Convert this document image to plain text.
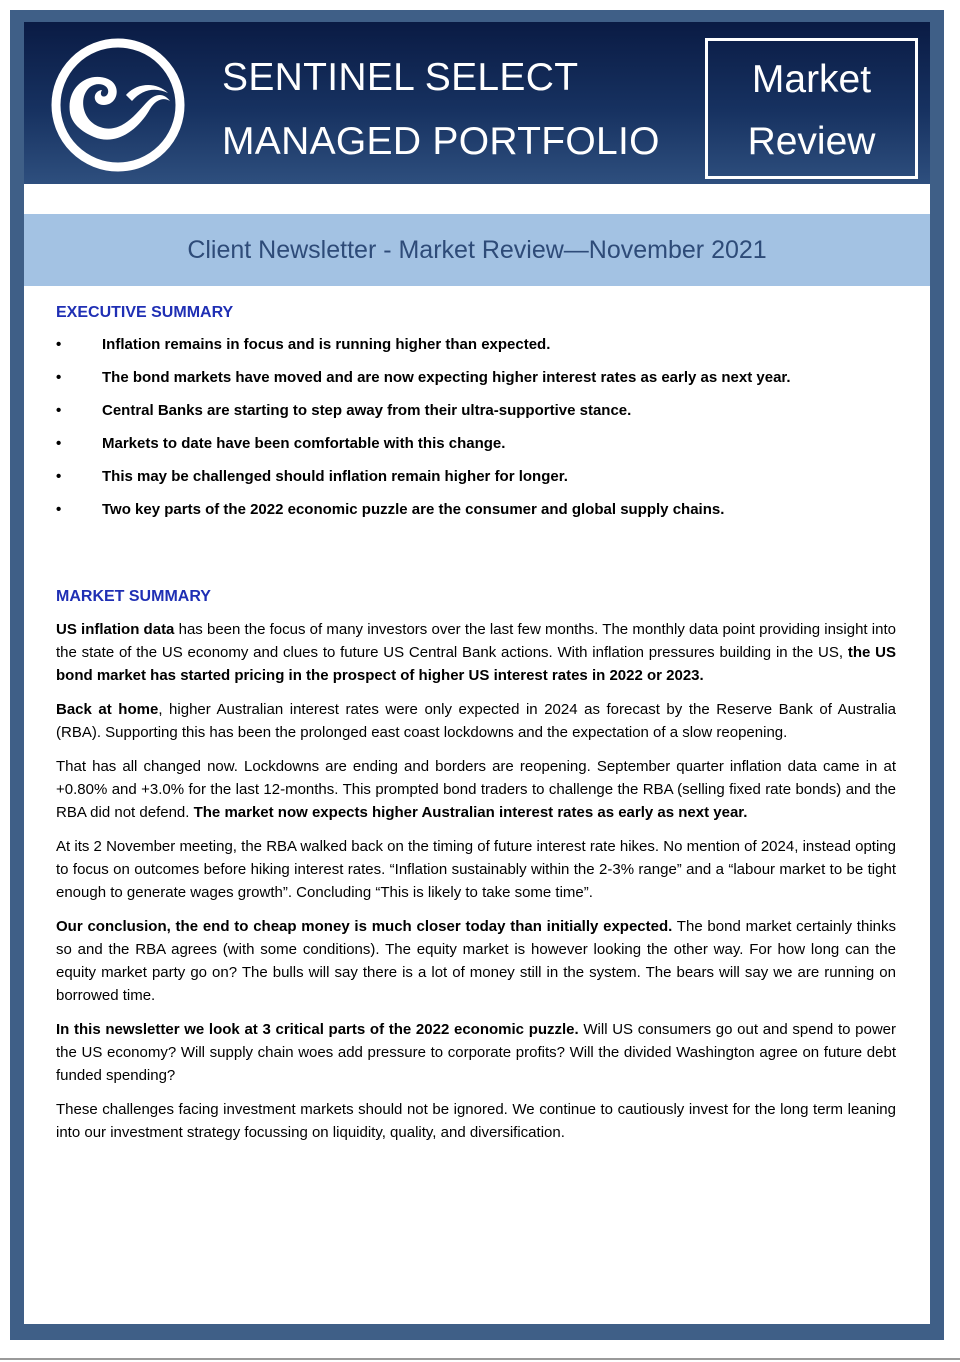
SENTINEL SELECT
MANAGED PORTFOLIO
Market
Review
Client Newsletter - Market Review—November 2021
EXECUTIVE SUMMARY
•	Inflation remains in focus and is running higher than expected.
•	The bond markets have moved and are now expecting higher interest rates as early as next year.
•	Central Banks are starting to step away from their ultra-supportive stance.
•	Markets to date have been comfortable with this change.
•	This may be challenged should inflation remain higher for longer.
•	Two key parts of the 2022 economic puzzle are the consumer and global supply chains.
MARKET SUMMARY

US inflation data has been the focus of many investors over the last few months. The monthly data point providing insight into the state of the US economy and clues to future US Central Bank actions. With inflation pressures building in the US, the US bond market has started pricing in the prospect of higher US interest rates in 2022 or 2023.

Back at home, higher Australian interest rates were only expected in 2024 as forecast by the Reserve Bank of Australia (RBA). Supporting this has been the prolonged east coast lockdowns and the expectation of a slow reopening.

That has all changed now. Lockdowns are ending and borders are reopening. September quarter inflation data came in at +0.80% and +3.0% for the last 12-months. This prompted bond traders to challenge the RBA (selling fixed rate bonds) and the RBA did not defend. The market now expects higher Australian interest rates as early as next year.

At its 2 November meeting, the RBA walked back on the timing of future interest rate hikes. No mention of 2024, instead opting to focus on outcomes before hiking interest rates. “Inflation sustainably within the 2-3% range” and a “labour market to be tight enough to generate wages growth”. Concluding “This is likely to take some time”.

Our conclusion, the end to cheap money is much closer today than initially expected. The bond market certainly thinks so and the RBA agrees (with some conditions). The equity market is however looking the other way. For how long can the equity market party go on? The bulls will say there is a lot of money still in the system. The bears will say we are running on borrowed time.

In this newsletter we look at 3 critical parts of the 2022 economic puzzle. Will US consumers go out and spend to power the US economy? Will supply chain woes add pressure to corporate profits? Will the divided Washington agree on future debt funded spending?

These challenges facing investment markets should not be ignored. We continue to cautiously invest for the long term leaning into our investment strategy focussing on liquidity, quality, and diversification.
